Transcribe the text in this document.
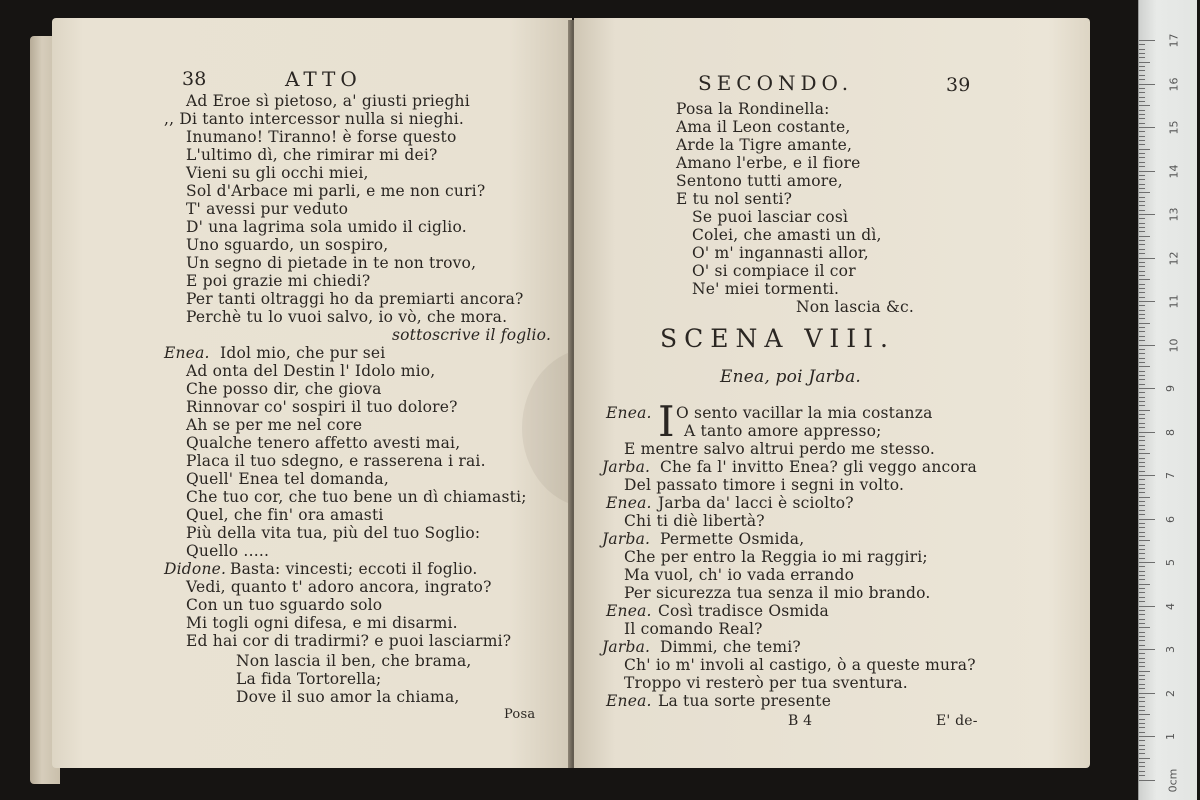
38	ATTO
Ad Eroe sì pietoso, a' giusti prieghi
,, Di tanto intercessor nulla si nieghi.
Inumano! Tiranno! è forse questo
L'ultimo dì, che rimirar mi dei?
Vieni su gli occhi miei,
Sol d'Arbace mi parli, e me non curi?
T' avessi pur veduto
D' una lagrima sola umido il ciglio.
Uno sguardo, un sospiro,
Un segno di pietade in te non trovo,
E poi grazie mi chiedi?
Per tanti oltraggi ho da premiarti ancora?
Perchè tu lo vuoi salvo, io vò, che mora.
sottoscrive il foglio.
Enea. Idol mio, che pur sei
Ad onta del Destin l' Idolo mio,
Che posso dir, che giova
Rinnovar co' sospiri il tuo dolore?
Ah se per me nel core
Qualche tenero affetto avesti mai,
Placa il tuo sdegno, e rasserena i rai.
Quell' Enea tel domanda,
Che tuo cor, che tuo bene un dì chiamasti;
Quel, che fin' ora amasti
Più della vita tua, più del tuo Soglio:
Quello .....
Didone. Basta: vincesti; eccoti il foglio.
Vedi, quanto t' adoro ancora, ingrato?
Con un tuo sguardo solo
Mi togli ogni difesa, e mi disarmi.
Ed hai cor di tradirmi? e puoi lasciarmi?
Non lascia il ben, che brama,
La fida Tortorella;
Dove il suo amor la chiama,
Posa
SECONDO.	39
Posa la Rondinella:
Ama il Leon costante,
Arde la Tigre amante,
Amano l'erbe, e il fiore
Sentono tutti amore,
E tu nol senti?
Se puoi lasciar così
Colei, che amasti un dì,
O' m' ingannasti allor,
O' si compiace il cor
Ne' miei tormenti.
Non lascia &c.
SCENA VIII.
Enea, poi Jarba.
Enea. I O sento vacillar la mia costanza
A tanto amore appresso;
E mentre salvo altrui perdo me stesso.
Jarba. Che fa l' invitto Enea? gli veggo ancora
Del passato timore i segni in volto.
Enea. Jarba da' lacci è sciolto?
Chi ti diè libertà?
Jarba. Permette Osmida,
Che per entro la Reggia io mi raggiri;
Ma vuol, ch' io vada errando
Per sicurezza tua senza il mio brando.
Enea. Così tradisce Osmida
Il comando Real?
Jarba. Dimmi, che temi?
Ch' io m' involi al castigo, ò a queste mura?
Troppo vi resterò per tua sventura.
Enea. La tua sorte presente
B 4	E' de-
17
16
15
14
13
12
11
10
9
8
7
6
5
4
3
2
1
0cm
